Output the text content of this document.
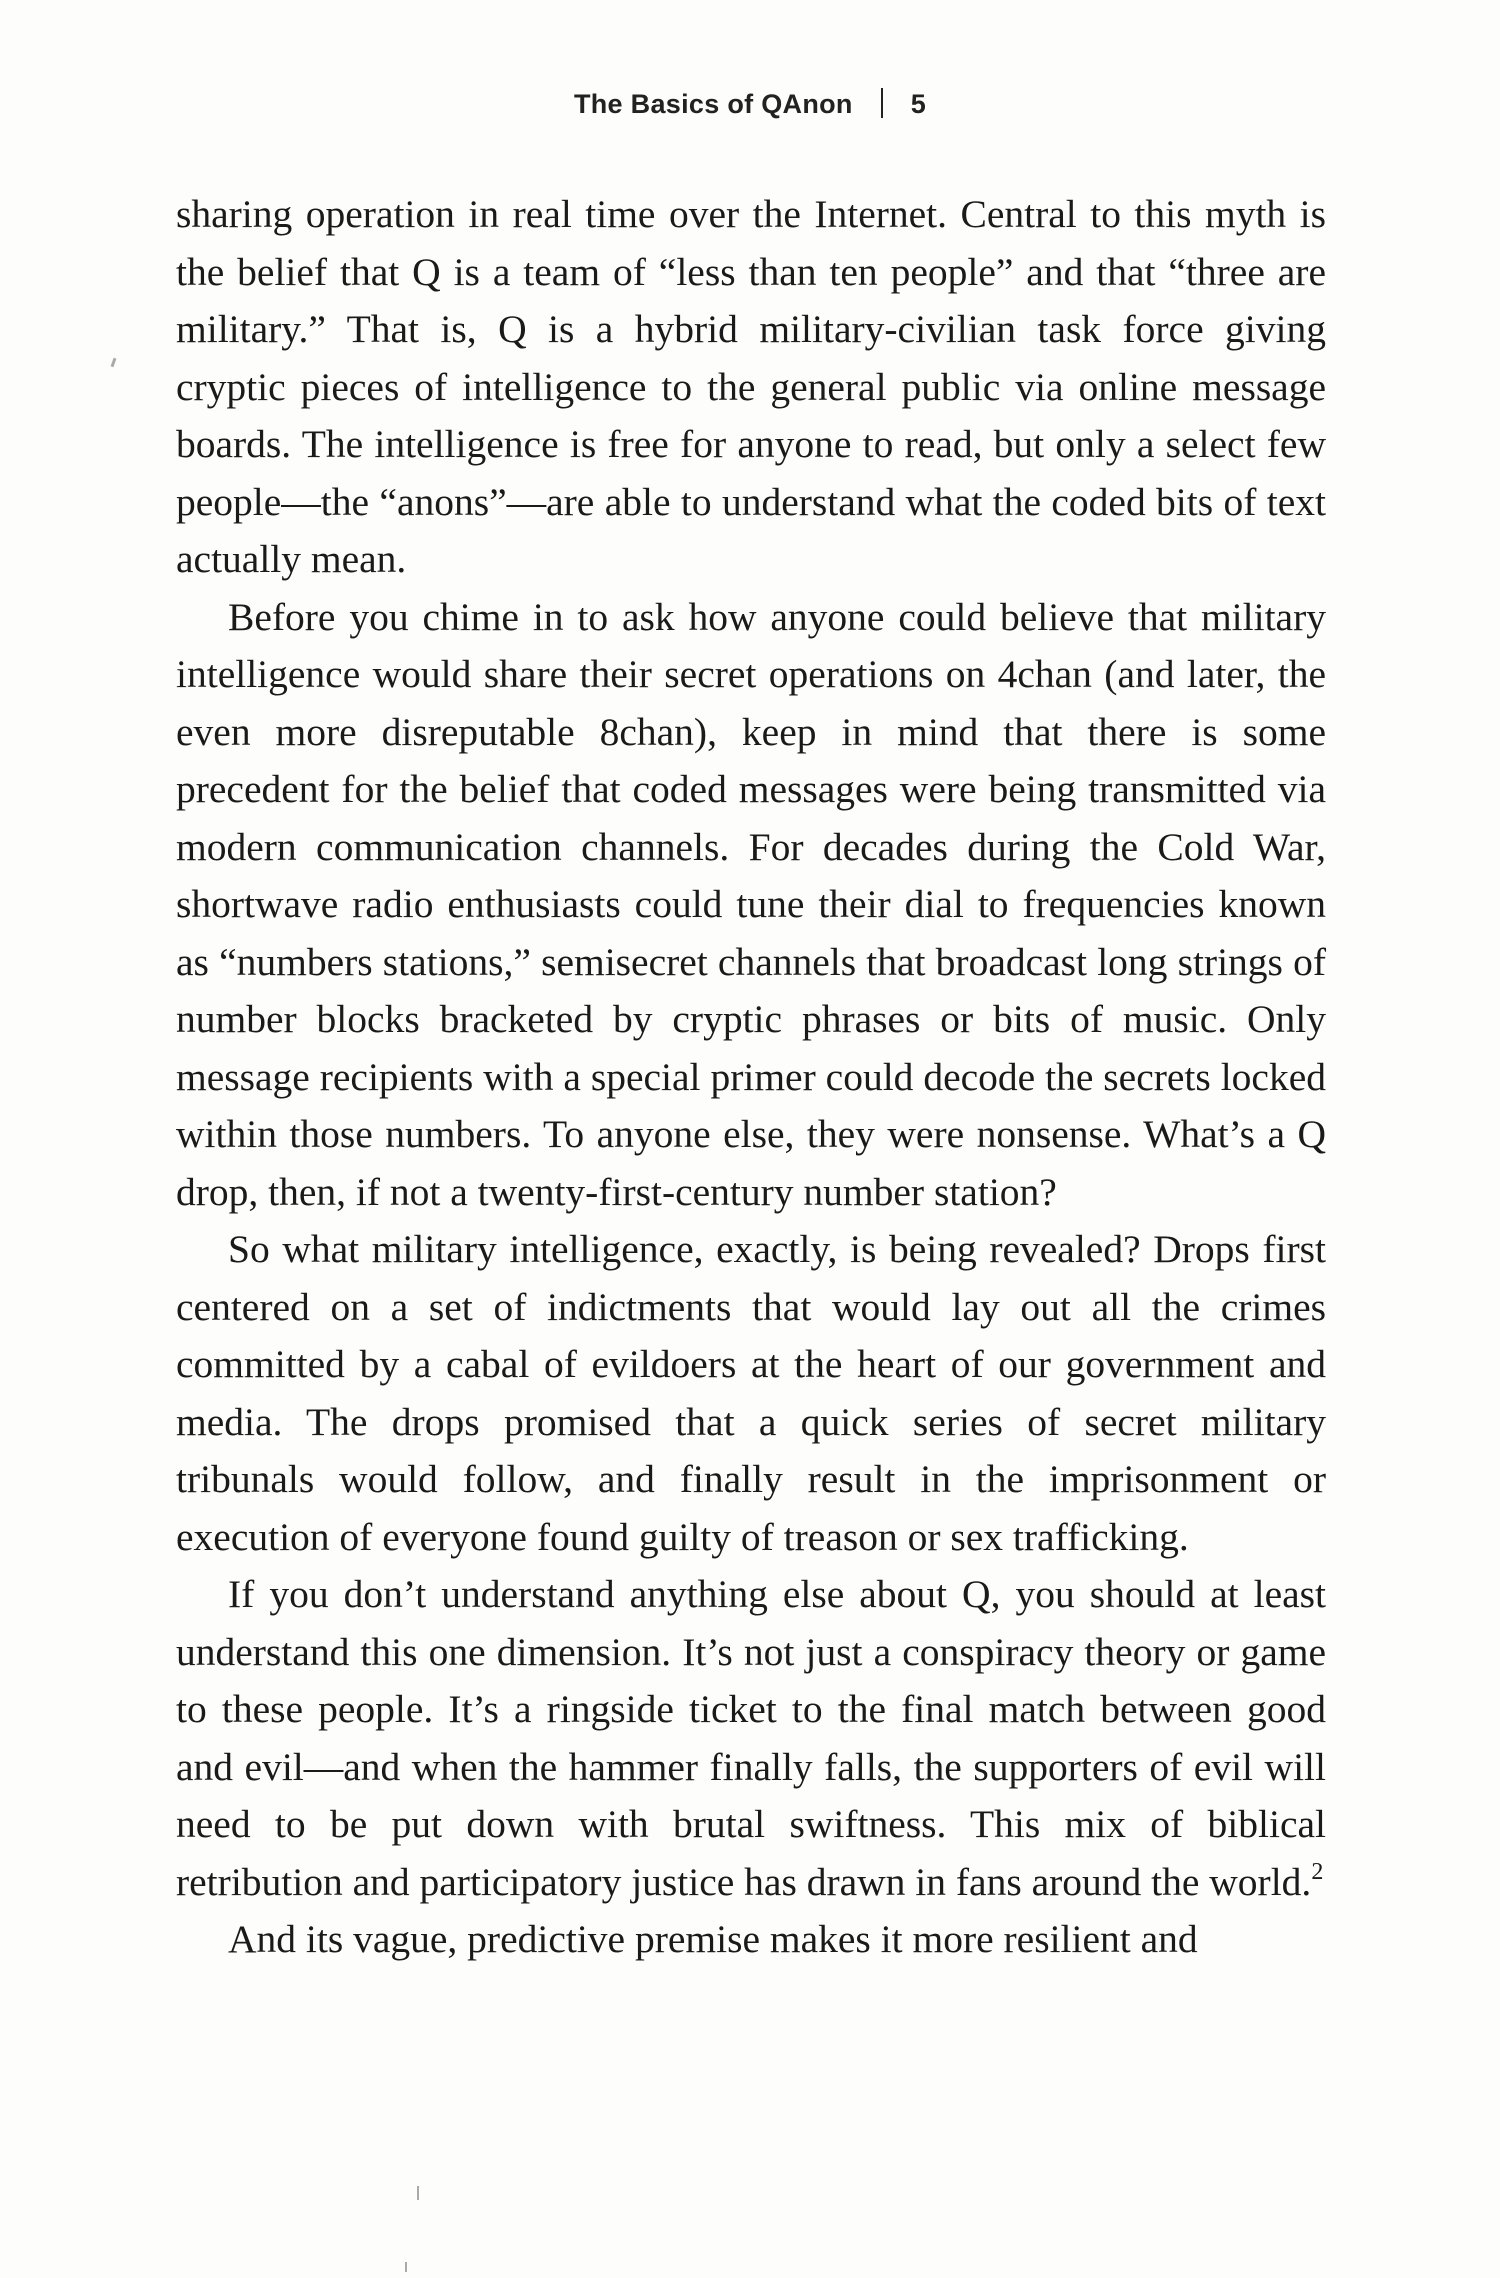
The Basics of QAnon 5

sharing operation in real time over the Internet. Central to this myth is the belief that Q is a team of “less than ten people” and that “three are military.” That is, Q is a hybrid military-civilian task force giving cryptic pieces of intelligence to the general public via online message boards. The intelligence is free for anyone to read, but only a select few people—the “anons”—are able to understand what the coded bits of text actually mean.

Before you chime in to ask how anyone could believe that military intelligence would share their secret operations on 4chan (and later, the even more disreputable 8chan), keep in mind that there is some precedent for the belief that coded messages were being transmitted via modern communication channels. For decades during the Cold War, shortwave radio enthusiasts could tune their dial to frequencies known as “numbers stations,” semisecret channels that broadcast long strings of number blocks bracketed by cryptic phrases or bits of music. Only message recipients with a special primer could decode the secrets locked within those numbers. To anyone else, they were nonsense. What’s a Q drop, then, if not a twenty-first-century number station?

So what military intelligence, exactly, is being revealed? Drops first centered on a set of indictments that would lay out all the crimes committed by a cabal of evildoers at the heart of our government and media. The drops promised that a quick series of secret military tribunals would follow, and finally result in the imprisonment or execution of everyone found guilty of treason or sex trafficking.

If you don’t understand anything else about Q, you should at least understand this one dimension. It’s not just a conspiracy theory or game to these people. It’s a ringside ticket to the final match between good and evil—and when the hammer finally falls, the supporters of evil will need to be put down with brutal swiftness. This mix of biblical retribution and participatory justice has drawn in fans around the world.$^2$

And its vague, predictive premise makes it more resilient and
